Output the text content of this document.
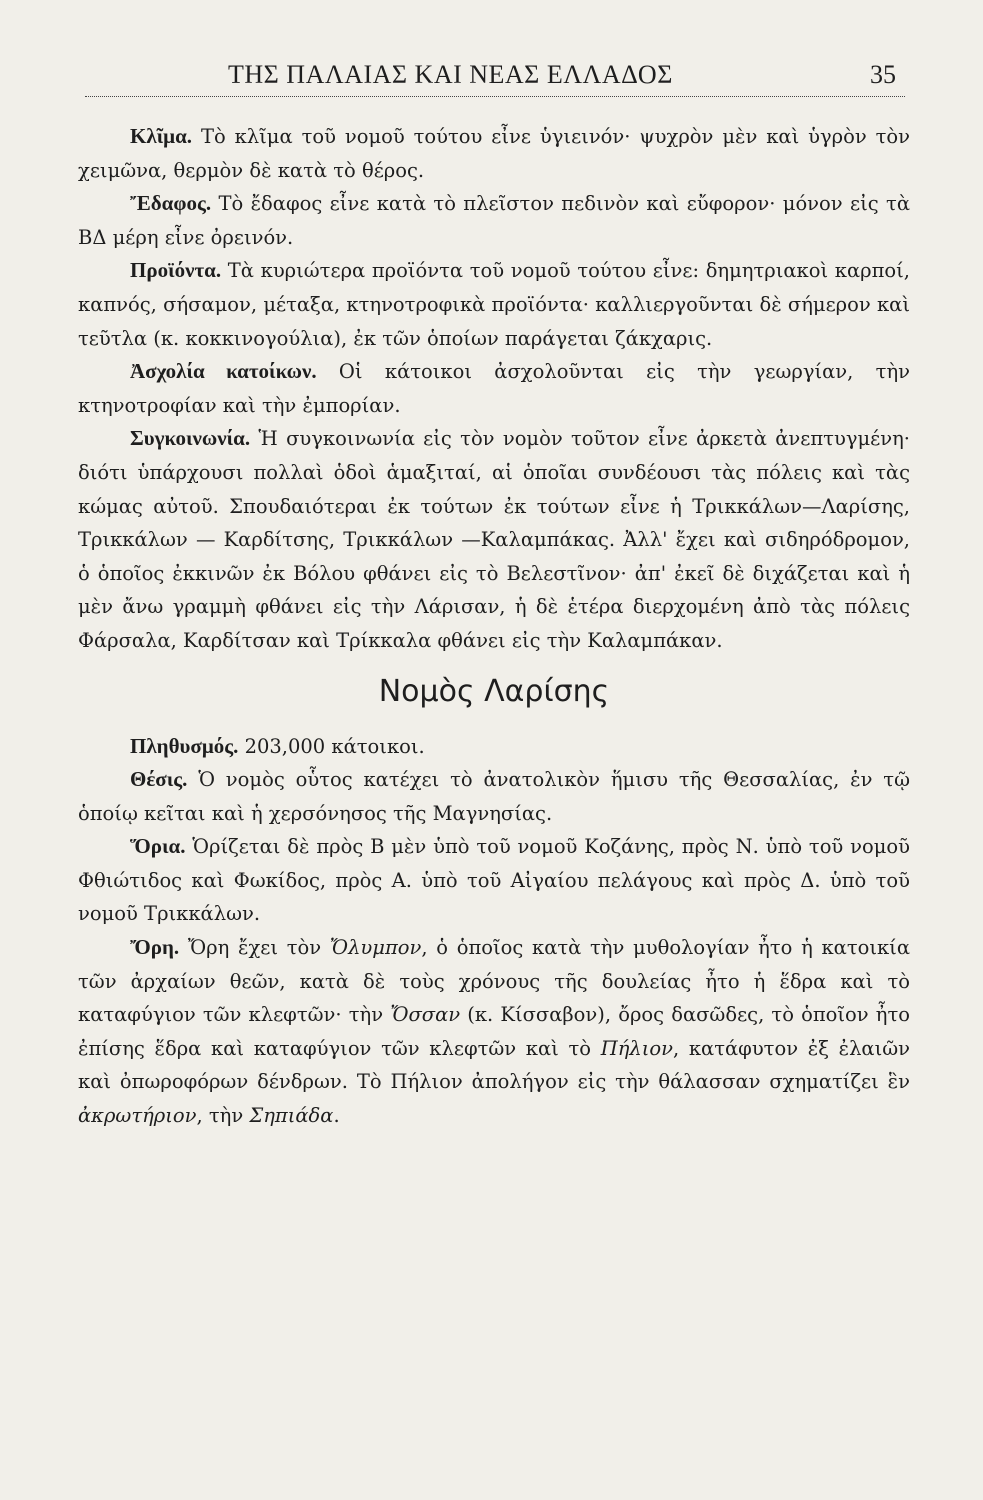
ΤΗΣ ΠΑΛΑΙΑΣ ΚΑΙ ΝΕΑΣ ΕΛΛΑΔΟΣ	35

Κλῖμα. Τὸ κλῖμα τοῦ νομοῦ τούτου εἶνε ὑγιεινόν· ψυχρὸν μὲν καὶ ὑγρὸν τὸν χειμῶνα, θερμὸν δὲ κατὰ τὸ θέρος.

Ἔδαφος. Τὸ ἔδαφος εἶνε κατὰ τὸ πλεῖστον πεδινὸν καὶ εὔφορον· μόνον εἰς τὰ ΒΔ μέρη εἶνε ὀρεινόν.

Προϊόντα. Τὰ κυριώτερα προϊόντα τοῦ νομοῦ τούτου εἶνε: δημητριακοὶ καρποί, καπνός, σήσαμον, μέταξα, κτηνοτροφικὰ προϊόντα· καλλιεργοῦνται δὲ σήμερον καὶ τεῦτλα (κ. κοκκινογούλια), ἐκ τῶν ὁποίων παράγεται ζάκχαρις.

Ἀσχολία κατοίκων. Οἱ κάτοικοι ἀσχολοῦνται εἰς τὴν γεωργίαν, τὴν κτηνοτροφίαν καὶ τὴν ἐμπορίαν.

Συγκοινωνία. Ἡ συγκοινωνία εἰς τὸν νομὸν τοῦτον εἶνε ἀρκετὰ ἀνεπτυγμένη· διότι ὑπάρχουσι πολλαὶ ὁδοὶ ἁμαξιταί, αἱ ὁποῖαι συνδέουσι τὰς πόλεις καὶ τὰς κώμας αὐτοῦ. Σπουδαιότεραι ἐκ τούτων ἐκ τούτων εἶνε ἡ Τρικκάλων—Λαρίσης, Τρικκάλων — Καρδίτσης, Τρικκάλων —Καλαμπάκας. Ἀλλ' ἔχει καὶ σιδηρόδρομον, ὁ ὁποῖος ἐκκινῶν ἐκ Βόλου φθάνει εἰς τὸ Βελεστῖνον· ἀπ' ἐκεῖ δὲ διχάζεται καὶ ἡ μὲν ἄνω γραμμὴ φθάνει εἰς τὴν Λάρισαν, ἡ δὲ ἑτέρα διερχομένη ἀπὸ τὰς πόλεις Φάρσαλα, Καρδίτσαν καὶ Τρίκκαλα φθάνει εἰς τὴν Καλαμπάκαν.

Νομὸς Λαρίσης

Πληθυσμός. 203,000 κάτοικοι.

Θέσις. Ὁ νομὸς οὗτος κατέχει τὸ ἀνατολικὸν ἥμισυ τῆς Θεσσαλίας, ἐν τῷ ὁποίῳ κεῖται καὶ ἡ χερσόνησος τῆς Μαγνησίας.

Ὅρια. Ὁρίζεται δὲ πρὸς Β μὲν ὑπὸ τοῦ νομοῦ Κοζάνης, πρὸς Ν. ὑπὸ τοῦ νομοῦ Φθιώτιδος καὶ Φωκίδος, πρὸς Α. ὑπὸ τοῦ Αἰγαίου πελάγους καὶ πρὸς Δ. ὑπὸ τοῦ νομοῦ Τρικκάλων.

Ὄρη. Ὄρη ἔχει τὸν Ὄλυμπον, ὁ ὁποῖος κατὰ τὴν μυθολογίαν ἦτο ἡ κατοικία τῶν ἀρχαίων θεῶν, κατὰ δὲ τοὺς χρόνους τῆς δουλείας ἦτο ἡ ἕδρα καὶ τὸ καταφύγιον τῶν κλεφτῶν· τὴν Ὄσσαν (κ. Κίσσαβον), ὄρος δασῶδες, τὸ ὁποῖον ἦτο ἐπίσης ἕδρα καὶ καταφύγιον τῶν κλεφτῶν καὶ τὸ Πήλιον, κατάφυτον ἐξ ἐλαιῶν καὶ ὀπωροφόρων δένδρων. Τὸ Πήλιον ἀπολήγον εἰς τὴν θάλασσαν σχηματίζει ἓν ἀκρωτήριον, τὴν Σηπιάδα.
